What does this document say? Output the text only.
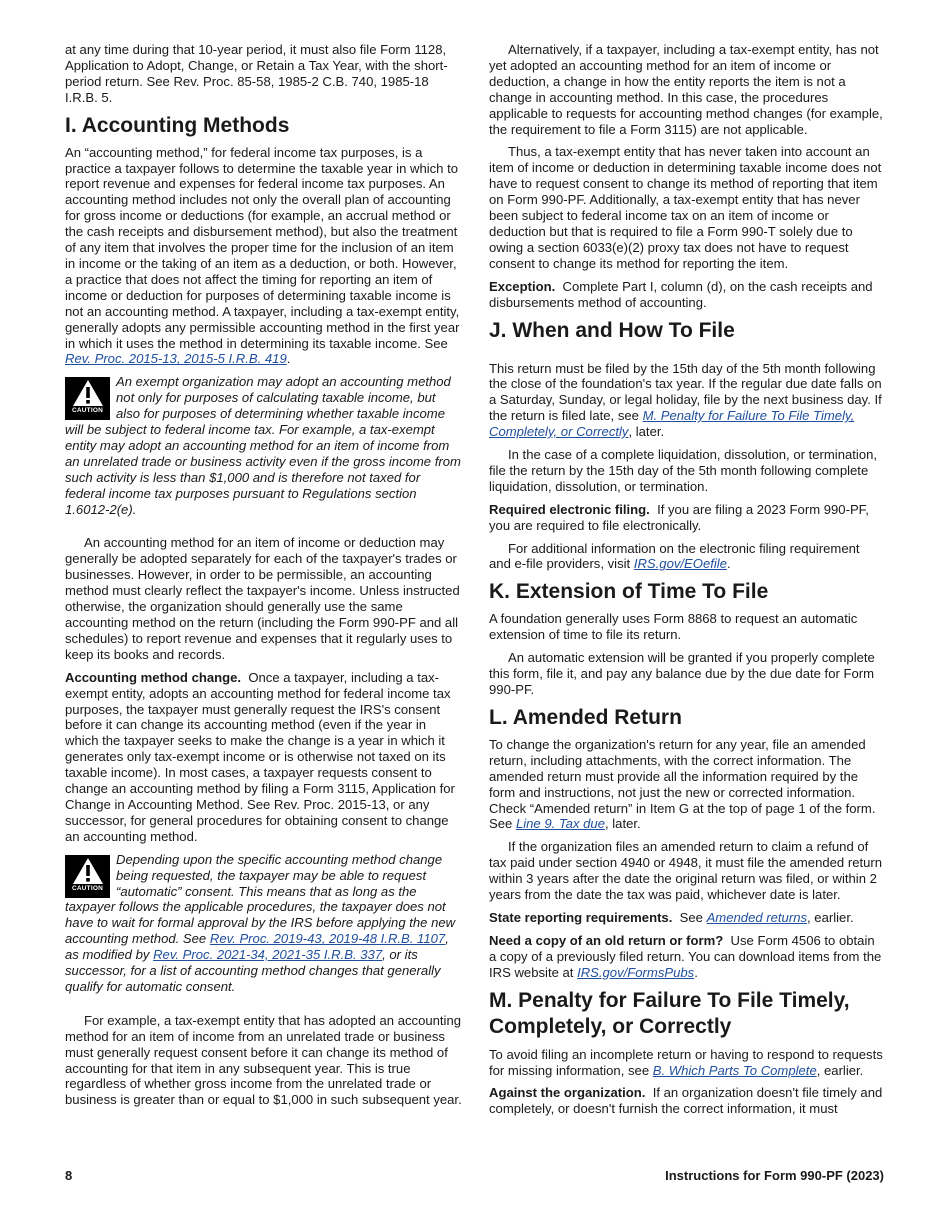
at any time during that 10-year period, it must also file Form 1128, Application to Adopt, Change, or Retain a Tax Year, with the short-period return. See Rev. Proc. 85-58, 1985-2 C.B. 740, 1985-18 I.R.B. 5.

I. Accounting Methods

An “accounting method,” for federal income tax purposes, is a practice a taxpayer follows to determine the taxable year in which to report revenue and expenses for federal income tax purposes. An accounting method includes not only the overall plan of accounting for gross income or deductions (for example, an accrual method or the cash receipts and disbursement method), but also the treatment of any item that involves the proper time for the inclusion of an item in income or the taking of an item as a deduction, or both. However, a practice that does not affect the timing for reporting an item of income or deduction for purposes of determining taxable income is not an accounting method. A taxpayer, including a tax-exempt entity, generally adopts any permissible accounting method in the first year in which it uses the method in determining its taxable income. See Rev. Proc. 2015-13, 2015-5 I.R.B. 419.

CAUTION
An exempt organization may adopt an accounting method not only for purposes of calculating taxable income, but also for purposes of determining whether taxable income will be subject to federal income tax. For example, a tax-exempt entity may adopt an accounting method for an item of income from an unrelated trade or business activity even if the gross income from such activity is less than $1,000 and is therefore not taxed for federal income tax purposes pursuant to Regulations section 1.6012-2(e).

An accounting method for an item of income or deduction may generally be adopted separately for each of the taxpayer's trades or businesses. However, in order to be permissible, an accounting method must clearly reflect the taxpayer's income. Unless instructed otherwise, the organization should generally use the same accounting method on the return (including the Form 990-PF and all schedules) to report revenue and expenses that it regularly uses to keep its books and records.

Accounting method change. Once a taxpayer, including a tax-exempt entity, adopts an accounting method for federal income tax purposes, the taxpayer must generally request the IRS's consent before it can change its accounting method (even if the year in which the taxpayer seeks to make the change is a year in which it generates only tax-exempt income or is otherwise not taxed on its taxable income). In most cases, a taxpayer requests consent to change an accounting method by filing a Form 3115, Application for Change in Accounting Method. See Rev. Proc. 2015-13, or any successor, for general procedures for obtaining consent to change an accounting method.

CAUTION
Depending upon the specific accounting method change being requested, the taxpayer may be able to request “automatic” consent. This means that as long as the taxpayer follows the applicable procedures, the taxpayer does not have to wait for formal approval by the IRS before applying the new accounting method. See Rev. Proc. 2019-43, 2019-48 I.R.B. 1107, as modified by Rev. Proc. 2021-34, 2021-35 I.R.B. 337, or its successor, for a list of accounting method changes that generally qualify for automatic consent.

For example, a tax-exempt entity that has adopted an accounting method for an item of income from an unrelated trade or business must generally request consent before it can change its method of accounting for that item in any subsequent year. This is true regardless of whether gross income from the unrelated trade or business is greater than or equal to $1,000 in such subsequent year.

Alternatively, if a taxpayer, including a tax-exempt entity, has not yet adopted an accounting method for an item of income or deduction, a change in how the entity reports the item is not a change in accounting method. In this case, the procedures applicable to requests for accounting method changes (for example, the requirement to file a Form 3115) are not applicable.

Thus, a tax-exempt entity that has never taken into account an item of income or deduction in determining taxable income does not have to request consent to change its method of reporting that item on Form 990-PF. Additionally, a tax-exempt entity that has never been subject to federal income tax on an item of income or deduction but that is required to file a Form 990-T solely due to owing a section 6033(e)(2) proxy tax does not have to request consent to change its method for reporting the item.

Exception. Complete Part I, column (d), on the cash receipts and disbursements method of accounting.

J. When and How To File

This return must be filed by the 15th day of the 5th month following the close of the foundation's tax year. If the regular due date falls on a Saturday, Sunday, or legal holiday, file by the next business day. If the return is filed late, see M. Penalty for Failure To File Timely, Completely, or Correctly, later.

In the case of a complete liquidation, dissolution, or termination, file the return by the 15th day of the 5th month following complete liquidation, dissolution, or termination.

Required electronic filing. If you are filing a 2023 Form 990-PF, you are required to file electronically.

For additional information on the electronic filing requirement and e-file providers, visit IRS.gov/EOefile.

K. Extension of Time To File

A foundation generally uses Form 8868 to request an automatic extension of time to file its return.

An automatic extension will be granted if you properly complete this form, file it, and pay any balance due by the due date for Form 990-PF.

L. Amended Return

To change the organization's return for any year, file an amended return, including attachments, with the correct information. The amended return must provide all the information required by the form and instructions, not just the new or corrected information. Check “Amended return” in Item G at the top of page 1 of the form. See Line 9. Tax due, later.

If the organization files an amended return to claim a refund of tax paid under section 4940 or 4948, it must file the amended return within 3 years after the date the original return was filed, or within 2 years from the date the tax was paid, whichever date is later.

State reporting requirements. See Amended returns, earlier.

Need a copy of an old return or form? Use Form 4506 to obtain a copy of a previously filed return. You can download items from the IRS website at IRS.gov/FormsPubs.

M. Penalty for Failure To File Timely, Completely, or Correctly

To avoid filing an incomplete return or having to respond to requests for missing information, see B. Which Parts To Complete, earlier.

Against the organization. If an organization doesn't file timely and completely, or doesn't furnish the correct information, it must

8	Instructions for Form 990-PF (2023)
